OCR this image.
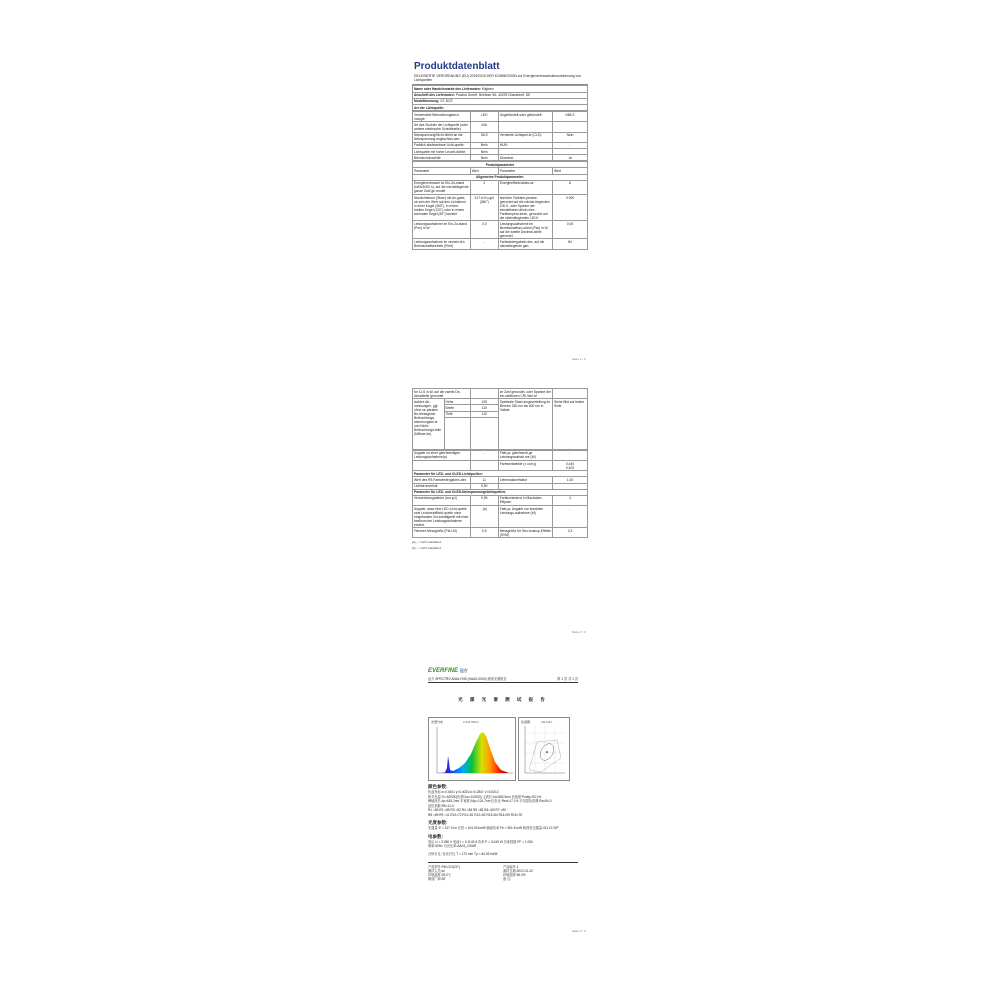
Produktdatenblatt
DELEGIERTE VERORDNUNG (EU) 2019/2015 DER KOMMISSION zur Energieverbrauchskennzeichnung von Lichtquellen
Name oder Handelsmarke des Lieferanten: Klighten
Anschrift des Lieferanten: Paolina GmbH, Breitestr 9A, 40239 Düsseldorf, DE
Modellkennung: G7-DCE
Art der Lichtquelle:
Verwendete Beleuchtungstech-nologie:	LED	Ungebündelt oder gebündelt:	NMLS
Art des Sockels der Lichtquelle (oder andere elektrische Schnittstelle)	N/A		
Netzspannung/Nicht direkt an die Netzspannung angeschlos-sen:	MLS	Vernetzte Lichtquel-le (CLS):	Nein
Farblich abstimmbare Licht-quelle:	Nein	HUN:	-
Lichtquelle mit hoher Leucht-dichte:	Nein		
Blendschutzschild:	Nein	Dimmbar:	Ja
Produktparameter			
Parameter	Wert	Parameter	Wert
Allgemeine Produktparameter:			
Energieverbrauch im Ein-Zu-stand (kWh/1000 h), auf die nächstliegende ganze Zahl ge-rundet	2	Energieeffizienzklas-se	A
Nutzlichtstrom (Φuse) mit An-gabe, ob sich der Wert auf den Lichtstrom in einer Kugel (360°), in einem breiten Kegel (120°) oder in einem schmalen Kegel (90°) bezieht	317 in Ku-gel (360°)	ähnliche Farbtem-peratur, gerundet auf die nächst-liegenden 100 K, oder Spanne der einstellbaren ähnli-chen Farbtempera-turen, gerundet auf die nächstliegenden 100 K	3 000
Leistungsaufnahme im Ein-Zu-stand (Pon) in W	0,3	Leistungsaufnahme im Bereitschaftszu-stand (Psb) in W, auf die zweite Dezimal-stelle gerundet	0,00
Leistungsaufnahme im vernetz-ten Bereitschaftsbetrieb (Pnet)	-	Farbwiedergabein-dex, auf die nächstliegende gan-	84
Seite 1 / 3
für CLS in W, auf die zweite De-zimalstelle gerundet			ze Zahl gerundet, oder Spanne der ein-stellbaren CRI-Wer-te	
äußere Ab-messungen, ggf. ohne se-parates Be-triebsgerät, Beleuchtungs-steuerungstei-le und Nicht-Beleuchtungs-teile (Millime-ter)	Höhe	105	Spektrale Strah-lungsverteilung im Bereich 250 nm bis 800 nm in Vollast	Siehe Bild auf letzter Seite
	Breite	110		
	Tiefe	110		

Angabe zu einer gleichwertigen Leistungsaufnahme(a)	-	Falls ja, gleichwerti-ge Leistungsaufnah-me (W)	-
		Farbwertanteile (x und y)	0,440
0,403
Parameter für LED- und OLED-Lichtquellen:			
Wert des R9-Farbwiedergabein-dex	11	Lebensdauerfaktor	1,00
Lichtstromerhalt	0,90		
Parameter für LED- und OLED-Netzspannungslichtquellen:			
Verschiebungsfaktor (cos φ1)	0,96	Farbkonsistenz in MacAdam-Ellipsen	4
Angabe, dass eine LED-Licht-quelle eine Leuchtstofflicht-quelle ohne eingebautes Vor-schaltgerät mit einer bestimm-ten Leistungsaufnahme ersetzt.	-(a)	Falls ja, Angabe zur ersetzten Leistungs-aufnahme (W)	-
Flimmer-Messgröße (Pst LM)	0,5	Messgröße für Stro-boskop-Effekte (SVM)	0,3
(a) „-“ nicht zutreffend.
(b) „-“ nicht zutreffend.
Seite 2 / 3
EVERFINE 远方
远方 SPECTRO ANALYSIS (HAAS-2000) 测试光谱报告	第 1 页 共 1 页
光 源 光 谱 测 试 报 告
光谱分布	λ=445 780nm	色度图	CIE 1931
颜色参数:
色品坐标:x=0.4401 y=0.4031/u'=0.2547 v'=0.5213
相关色温:Tc=3000K(色差Duv=0.0053) 主波长:λd=583.5nm 色纯度:Purity=53.1%
峰值波长:λp=615.2nm 半宽度:Δλp=124.7nm 红色比:Red=17.1% 平均显色指数:Ra=84.0
显色指数:R9=11.0
R1 =83 R2 =89 R3 =92 R4 =83 R5 =82 R6 =83 R7 =90
R8 =69 R9 =11 R10=72 R11=81 R12=62 R13=84 R14=95 R15=76
光度参数:
光通量 Φ = 317.0 lm 光效 = 104.09 lm/W 辐射功率 Fe = 961.8 mW 暗视觉光通量:411.13 S/P
电参数:
电压 U = 3.050 V 电流 I = 0.1149 A 功率 P = 3.045 W 功率因数 PF = 1.000
频率:50Hz 白光比率:AAS1_OSAR
白炽灯比: 参比灯比 T = 170 mm Tp = 84.09 lm/W
产品型号:PM-G10(G7)	产品编号:1
测试人员:zz	测试日期:2022-01-22
环境温度:25.0℃	环境湿度:65.0%
制造厂商:NT	备 注:
Seite 3 / 3
